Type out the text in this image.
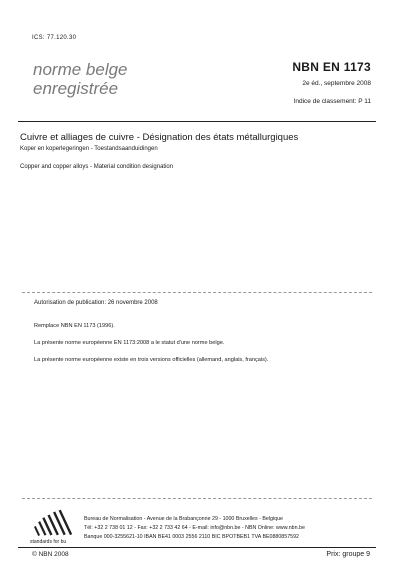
ICS: 77.120.30
norme belge
enregistrée
NBN EN 1173
2e éd., septembre 2008
Indice de classement: P 11
Cuivre et alliages de cuivre - Désignation des états métallurgiques
Koper en koperlegeringen - Toestandsaanduidingen
Copper and copper alloys - Material condition designation
Autorisation de publication: 26 novembre 2008
Remplace NBN EN 1173 (1996).
La présente norme européenne EN 1173:2008 a le statut d'une norme belge.
La présente norme européenne existe en trois versions officielles (allemand, anglais, français).
standards for bu
Bureau de Normalisation - Avenue de la Brabançonne 29 - 1000 Bruxelles - Belgique
Tél: +32 2 738 01 12 - Fax: +32 2 733 42 64 - E-mail: info@nbn.be - NBN Online: www.nbn.be
Banque 000-3255621-10 IBAN BE41 0003 2556 2110 BIC BPOTBEB1 TVA BE0880857592
© NBN 2008	Prix: groupe 9
